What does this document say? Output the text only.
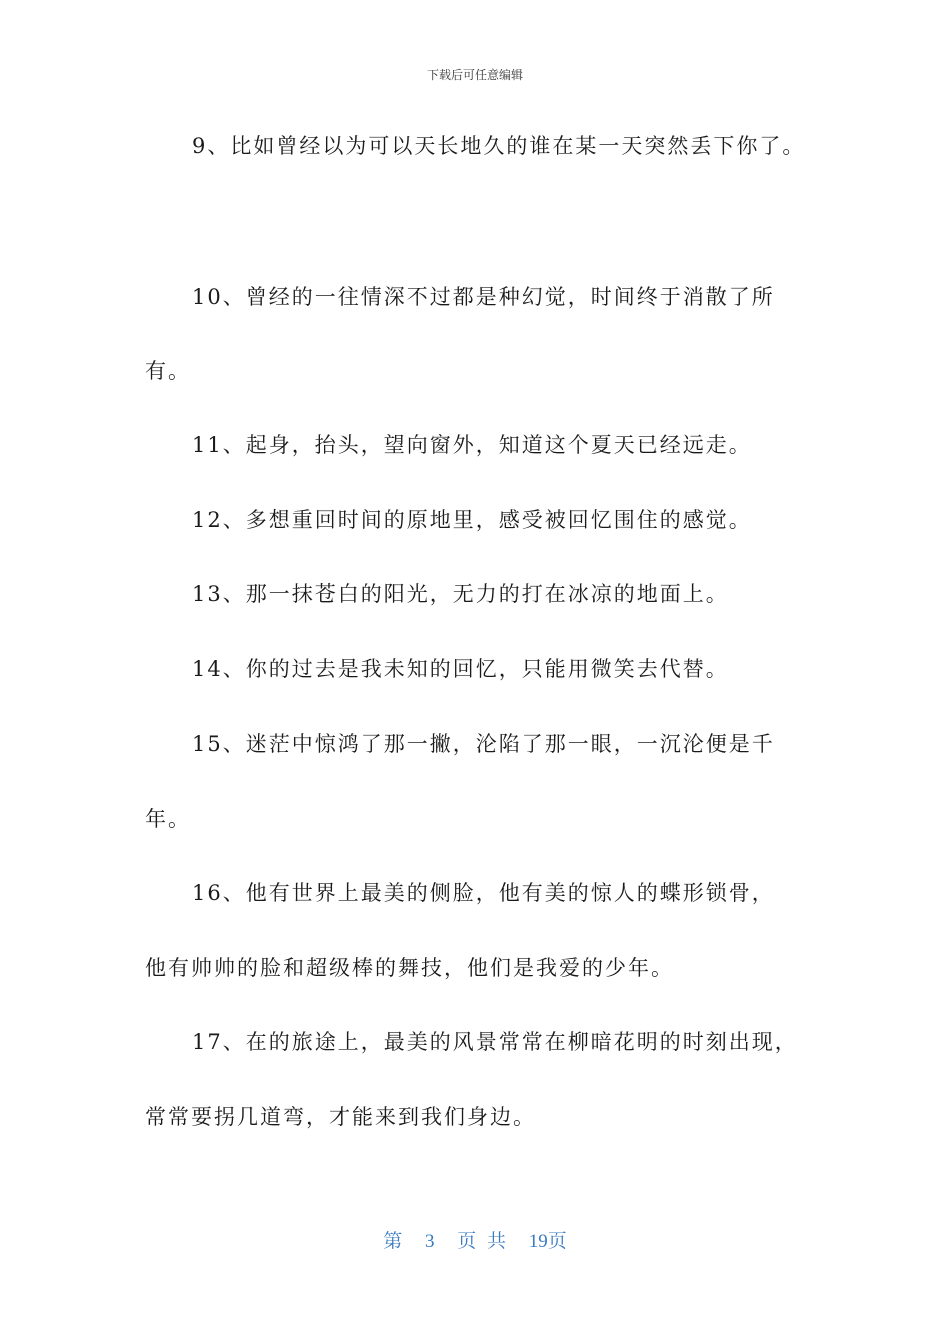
下载后可任意编辑
9、比如曾经以为可以天长地久的谁在某一天突然丢下你了。
10、曾经的一往情深不过都是种幻觉，时间终于消散了所
有。
11、起身，抬头，望向窗外，知道这个夏天已经远走。
12、多想重回时间的原地里，感受被回忆围住的感觉。
13、那一抹苍白的阳光，无力的打在冰凉的地面上。
14、你的过去是我未知的回忆，只能用微笑去代替。
15、迷茫中惊鸿了那一撇，沦陷了那一眼，一沉沦便是千
年。
16、他有世界上最美的侧脸，他有美的惊人的蝶形锁骨，
他有帅帅的脸和超级棒的舞技，他们是我爱的少年。
17、在的旅途上，最美的风景常常在柳暗花明的时刻出现，
常常要拐几道弯，才能来到我们身边。
第 3 页 共 19页
